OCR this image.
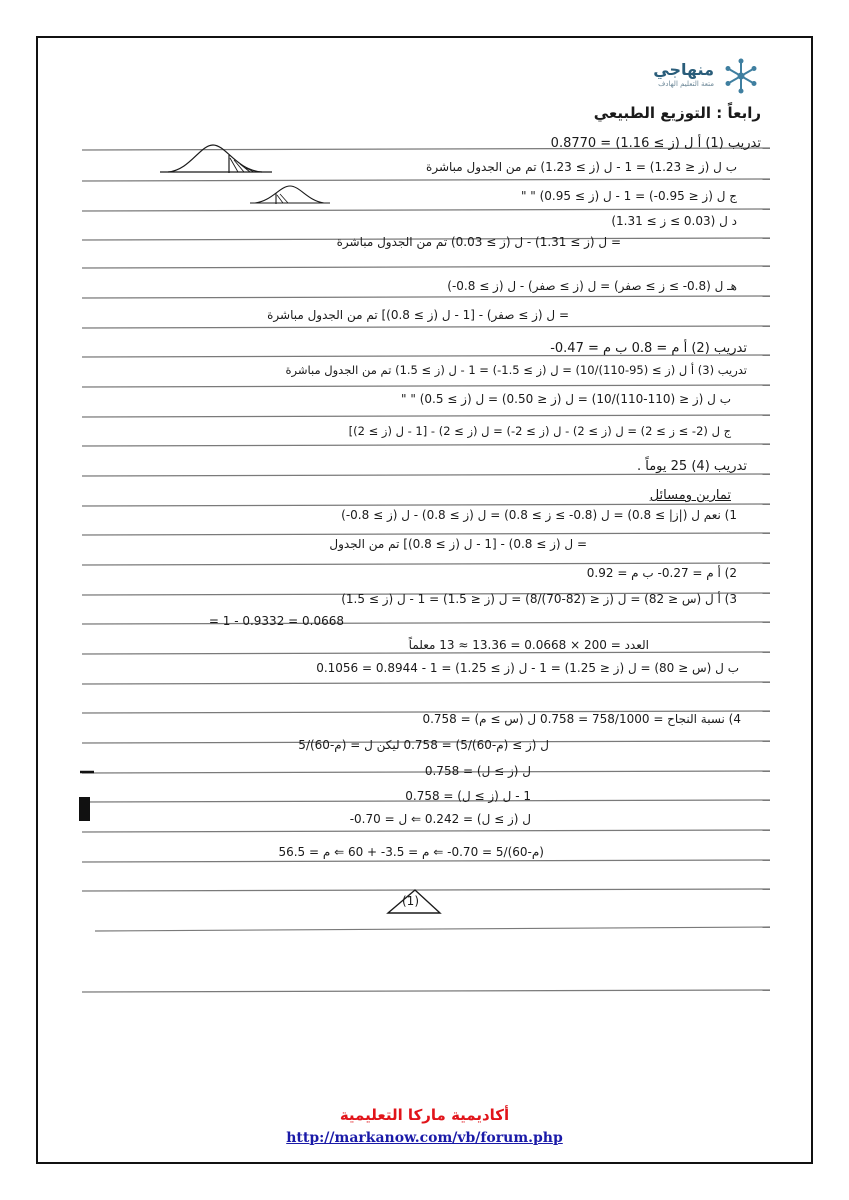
منهاجي
متعة التعليم الهادف
رابعاً : التوزيع الطبيعي
تدريب (1) أ ل (ز ≥ 1.16) = 0.8770
ب ل (ز ≤ 1.23) = 1 - ل (ز ≥ 1.23) تم من الجدول مباشرة
ج ل (ز ≤ 0.95-) = 1 - ل (ز ≥ 0.95) " "
د ل (0.03 ≥ ز ≥ 1.31)
= ل (ز ≥ 1.31) - ل (ز ≥ 0.03) تم من الجدول مباشرة
هـ ل (0.8- ≥ ز ≥ صفر) = ل (ز ≥ صفر) - ل (ز ≥ 0.8-)
= ل (ز ≥ صفر) - [1 - ل (ز ≥ 0.8)] تم من الجدول مباشرة
تدريب (2) أ م = 0.8 ب م = 0.47-
تدريب (3) أ ل (ز ≥ (95-110)/10) = ل (ز ≥ 1.5-) = 1 - ل (ز ≥ 1.5) تم من الجدول مباشرة
ب ل (ز ≤ (110-110)/10) = ل (ز ≤ 0.50) = ل (ز ≥ 0.5) " "
ج ل (2- ≥ ز ≥ 2) = ل (ز ≥ 2) - ل (ز ≥ 2-) = ل (ز ≥ 2) - [1 - ل (ز ≥ 2)]
تدريب (4) 25 يوماً .
تمارين ومسائل
1) نعم ل (|ز| ≥ 0.8) = ل (0.8- ≥ ز ≥ 0.8) = ل (ز ≥ 0.8) - ل (ز ≥ 0.8-)
= ل (ز ≥ 0.8) - [1 - ل (ز ≥ 0.8)] تم من الجدول
2) أ م = 0.27- ب م = 0.92
3) أ ل (س ≤ 82) = ل (ز ≤ (82-70)/8) = ل (ز ≤ 1.5) = 1 - ل (ز ≥ 1.5)
= 1 - 0.9332 = 0.0668
العدد = 200 × 0.0668 = 13.36 ≈ 13 معلماً
ب ل (س ≤ 80) = ل (ز ≤ 1.25) = 1 - ل (ز ≥ 1.25) = 1 - 0.8944 = 0.1056
4) نسبة النجاح = 758/1000 = 0.758 ل (س ≥ م) = 0.758
ل (ز ≥ (م-60)/5) = 0.758 ليكن ل = (م-60)/5
ل (ز ≥ ل) = 0.758
1 - ل (ز ≥ ل) = 0.758
ل (ز ≥ ل) = 0.242 ⇐ ل = 0.70-
(م-60)/5 = 0.70- ⇐ م = 3.5- + 60 ⇐ م = 56.5
(1)
أكاديمية ماركا التعليمية
http://markanow.com/vb/forum.php
